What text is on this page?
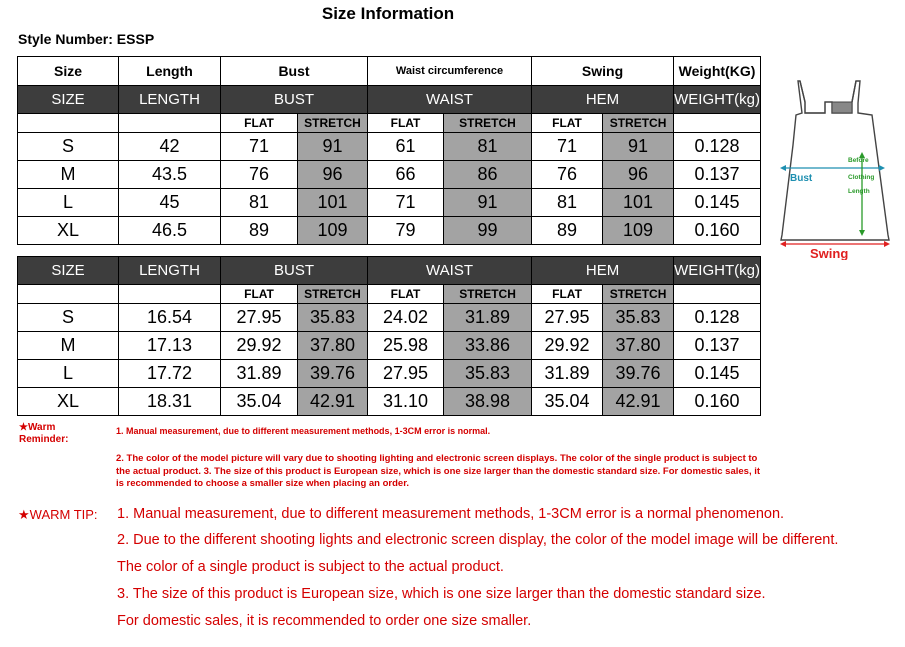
Size Information
Style Number: ESSP
Size	Length	Bust		Waist circumference		Swing		Weight(KG)
SIZE	LENGTH	BUST		WAIST		HEM		WEIGHT(kg)
		FLAT	STRETCH	FLAT	STRETCH	FLAT	STRETCH	
S	42	71	91	61	81	71	91	0.128
M	43.5	76	96	66	86	76	96	0.137
L	45	81	101	71	91	81	101	0.145
XL	46.5	89	109	79	99	89	109	0.160
SIZE	LENGTH	BUST		WAIST		HEM		WEIGHT(kg)
		FLAT	STRETCH	FLAT	STRETCH	FLAT	STRETCH	
S	16.54	27.95	35.83	24.02	31.89	27.95	35.83	0.128
M	17.13	29.92	37.80	25.98	33.86	29.92	37.80	0.137
L	17.72	31.89	39.76	27.95	35.83	31.89	39.76	0.145
XL	18.31	35.04	42.91	31.10	38.98	35.04	42.91	0.160
Bust
Before
Clothing
Length
Swing
★Warm
Reminder:
1. Manual measurement, due to different measurement methods, 1-3CM error is normal.
2. The color of the model picture will vary due to shooting lighting and electronic screen displays. The color of the single product is subject to the actual product. 3. The size of this product is European size, which is one size larger than the domestic standard size. For domestic sales, it is recommended to choose a smaller size when placing an order.
★WARM TIP: 1. Manual measurement, due to different measurement methods, 1-3CM error is a normal phenomenon.
2. Due to the different shooting lights and electronic screen display, the color of the model image will be different.
The color of a single product is subject to the actual product.
3. The size of this product is European size, which is one size larger than the domestic standard size.
For domestic sales, it is recommended to order one size smaller.
